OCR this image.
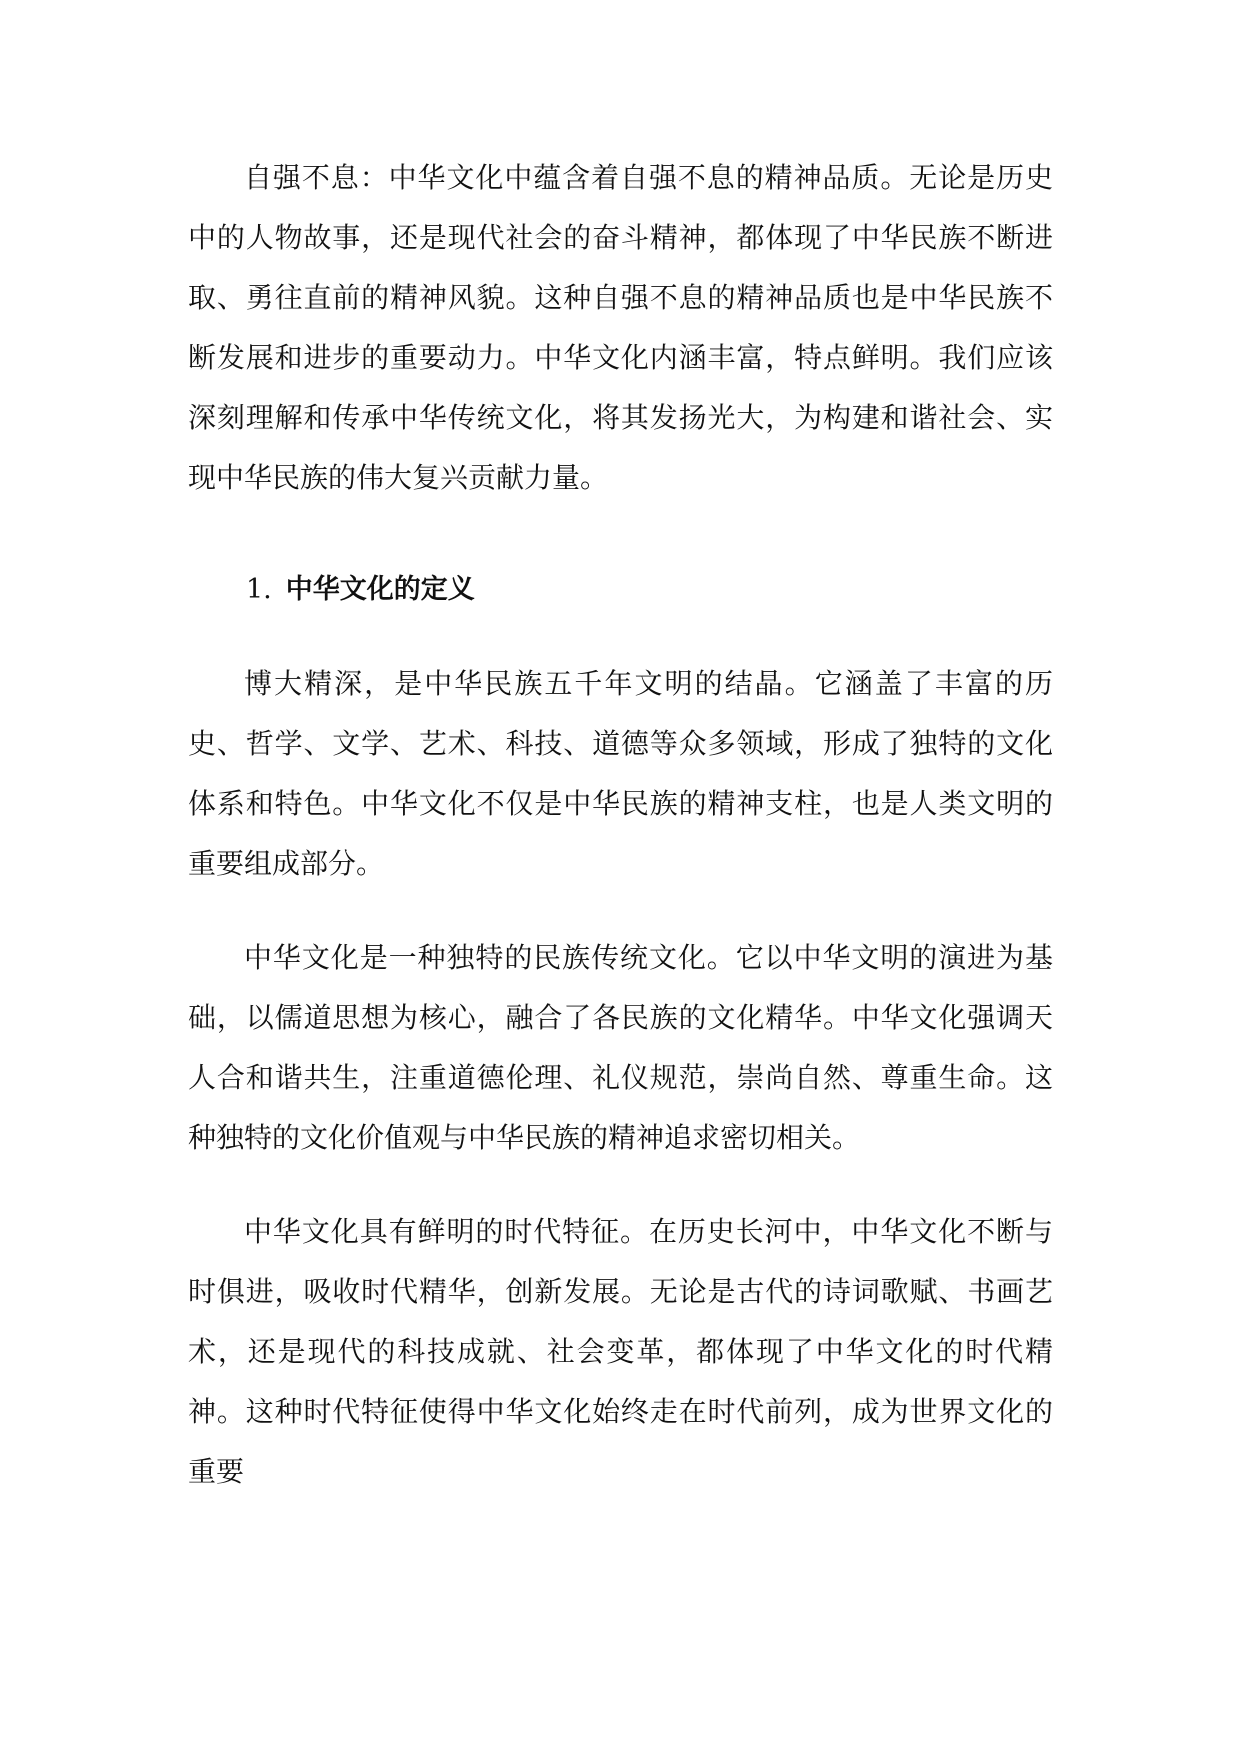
自强不息：中华文化中蕴含着自强不息的精神品质。无论是历史中的人物故事，还是现代社会的奋斗精神，都体现了中华民族不断进取、勇往直前的精神风貌。这种自强不息的精神品质也是中华民族不断发展和进步的重要动力。中华文化内涵丰富，特点鲜明。我们应该深刻理解和传承中华传统文化，将其发扬光大，为构建和谐社会、实现中华民族的伟大复兴贡献力量。

1. 中华文化的定义

博大精深，是中华民族五千年文明的结晶。它涵盖了丰富的历史、哲学、文学、艺术、科技、道德等众多领域，形成了独特的文化体系和特色。中华文化不仅是中华民族的精神支柱，也是人类文明的重要组成部分。

中华文化是一种独特的民族传统文化。它以中华文明的演进为基础，以儒道思想为核心，融合了各民族的文化精华。中华文化强调天人合和谐共生，注重道德伦理、礼仪规范，崇尚自然、尊重生命。这种独特的文化价值观与中华民族的精神追求密切相关。

中华文化具有鲜明的时代特征。在历史长河中，中华文化不断与时俱进，吸收时代精华，创新发展。无论是古代的诗词歌赋、书画艺术，还是现代的科技成就、社会变革，都体现了中华文化的时代精神。这种时代特征使得中华文化始终走在时代前列，成为世界文化的重要
